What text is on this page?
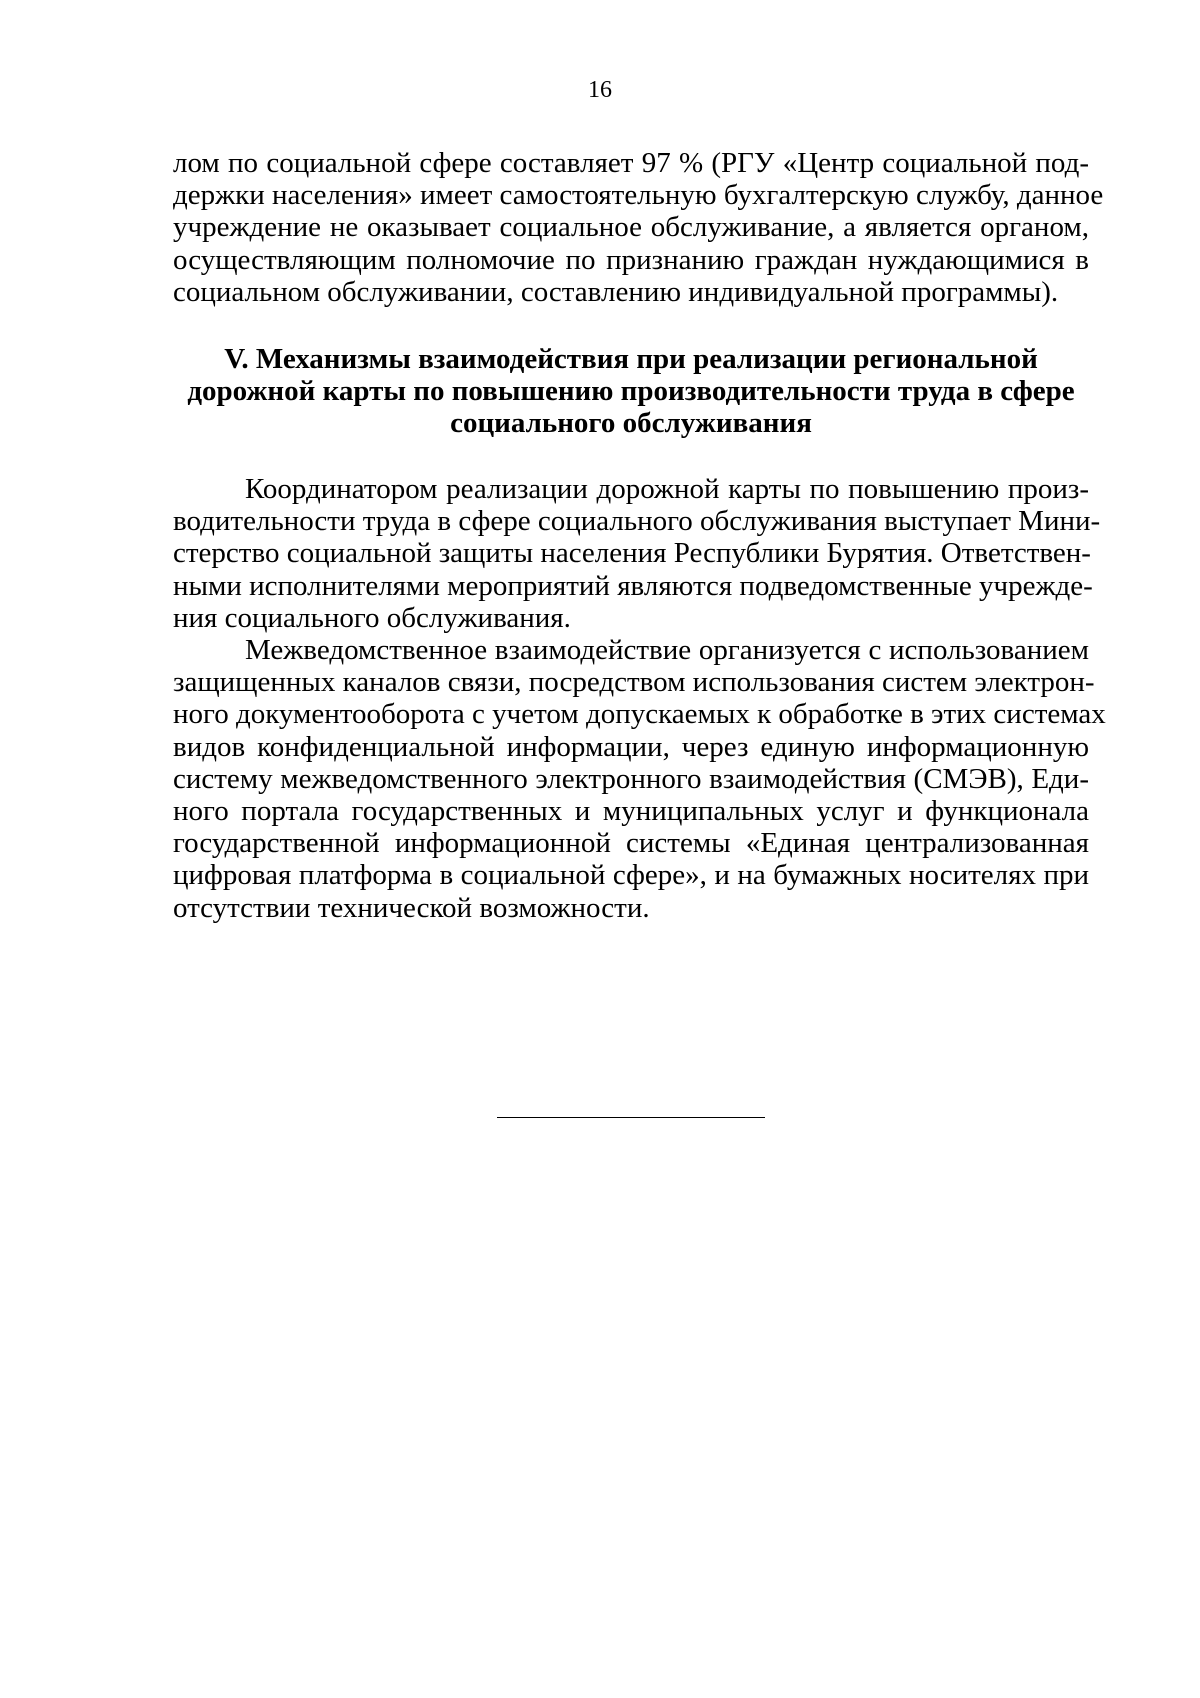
16
лом по социальной сфере составляет 97 % (РГУ «Центр социальной под-
держки населения» имеет самостоятельную бухгалтерскую службу, данное
учреждение не оказывает социальное обслуживание, а является органом,
осуществляющим полномочие по признанию граждан нуждающимися в
социальном обслуживании, составлению индивидуальной программы).
V. Механизмы взаимодействия при реализации региональной
дорожной карты по повышению производительности труда в сфере
социального обслуживания
Координатором реализации дорожной карты по повышению произ-
водительности труда в сфере социального обслуживания выступает Мини-
стерство социальной защиты населения Республики Бурятия. Ответствен-
ными исполнителями мероприятий являются подведомственные учрежде-
ния социального обслуживания.
Межведомственное взаимодействие организуется с использованием
защищенных каналов связи, посредством использования систем электрон-
ного документооборота с учетом допускаемых к обработке в этих системах
видов конфиденциальной информации, через единую информационную
систему межведомственного электронного взаимодействия (СМЭВ), Еди-
ного портала государственных и муниципальных услуг и функционала
государственной информационной системы «Единая централизованная
цифровая платформа в социальной сфере», и на бумажных носителях при
отсутствии технической возможности.
